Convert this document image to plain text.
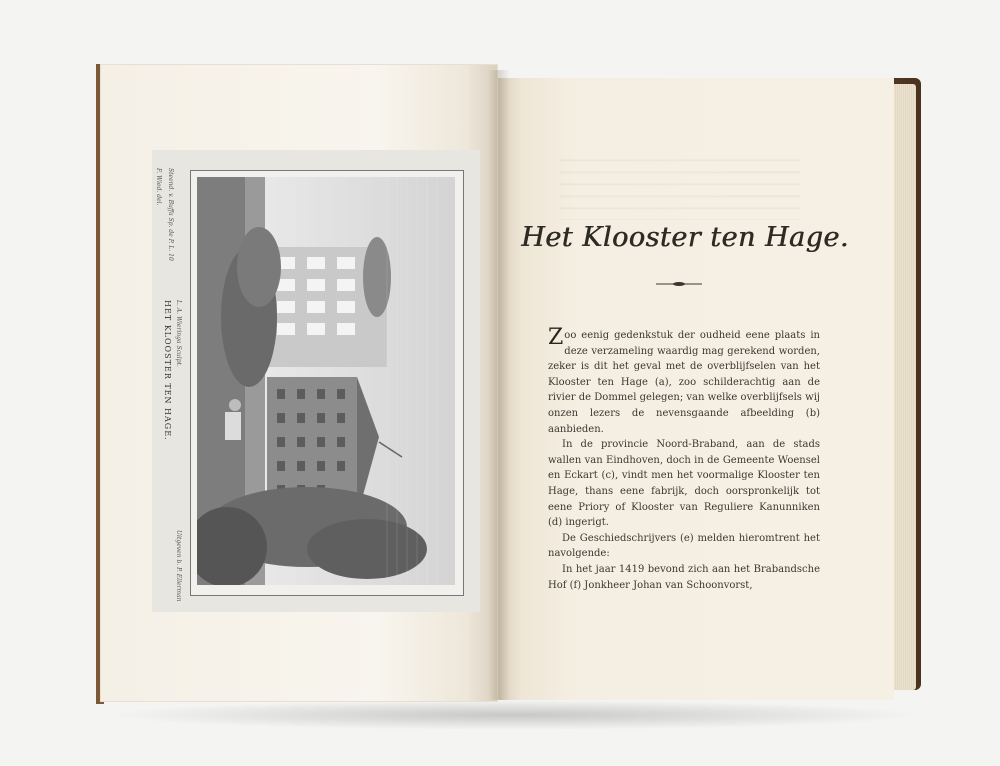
F. Wied. del. Steend. v. Buffa Sp. de P. L. 10
HET KLOOSTER TEN HAGE. L. A. Wieringa Sculpt.
Uitgeven b. P. Ellerman
Het Klooster ten Hage.

Zoo eenig gedenkstuk der oudheid eene plaats in deze verzameling waardig mag gerekend worden, zeker is dit het geval met de overblijfselen van het Klooster ten Hage (a), zoo schilderachtig aan de rivier de Dommel gelegen; van welke overblijfsels wij onzen lezers de nevensgaande afbeelding (b) aanbieden.

In de provincie Noord-Braband, aan de stads wallen van Eindhoven, doch in de Gemeente Woensel en Eckart (c), vindt men het voormalige Klooster ten Hage, thans eene fabrijk, doch oorspronkelijk tot eene Priory of Klooster van Reguliere Kanunniken (d) ingerigt.

De Geschiedschrijvers (e) melden hieromtrent het navolgende:

In het jaar 1419 bevond zich aan het Brabandsche Hof (f) Jonkheer Johan van Schoonvorst,
